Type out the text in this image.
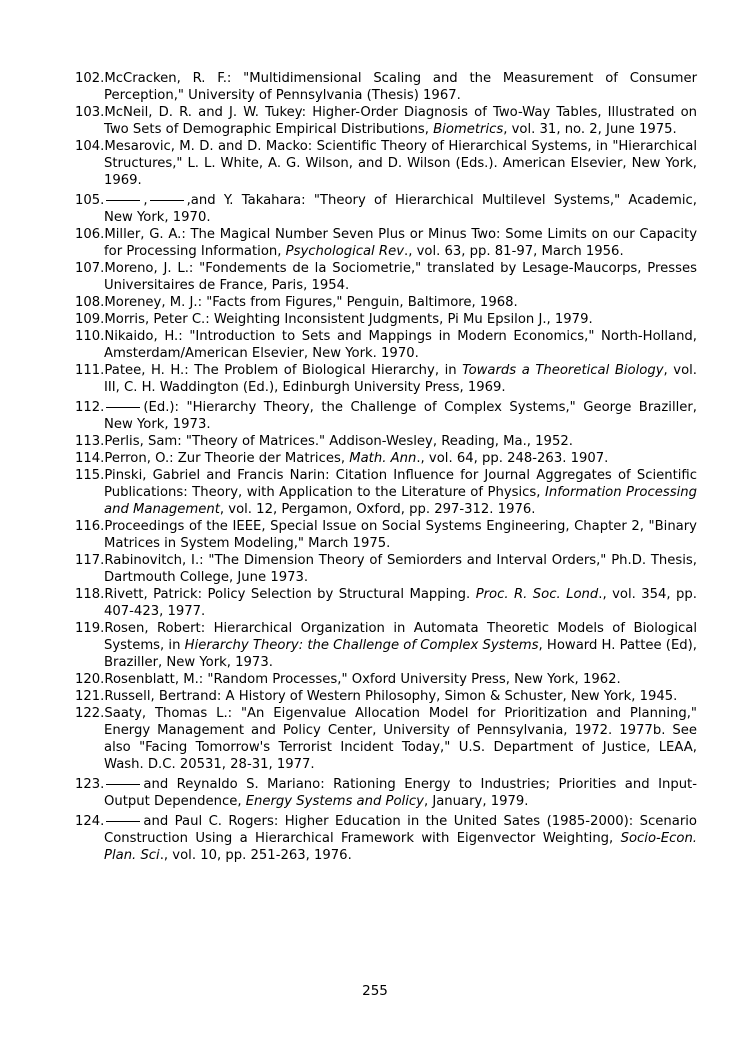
102.McCracken, R. F.: "Multidimensional Scaling and the Measurement of Consumer Perception," University of Pennsylvania (Thesis) 1967.
103.McNeil, D. R. and J. W. Tukey: Higher-Order Diagnosis of Two-Way Tables, Illustrated on Two Sets of Demographic Empirical Distributions, Biometrics, vol. 31, no. 2, June 1975.
104.Mesarovic, M. D. and D. Macko: Scientific Theory of Hierarchical Systems, in "Hierarchical Structures," L. L. White, A. G. Wilson, and D. Wilson (Eds.). American Elsevier, New York, 1969.
105.	,	,and Y. Takahara: "Theory of Hierarchical Multilevel Systems," Academic, New York, 1970.
106.Miller, G. A.: The Magical Number Seven Plus or Minus Two: Some Limits on our Capacity for Processing Information, Psychological Rev., vol. 63, pp. 81-97, March 1956.
107.Moreno, J. L.: "Fondements de la Sociometrie," translated by Lesage-Maucorps, Presses Universitaires de France, Paris, 1954.
108.Moreney, M. J.: "Facts from Figures," Penguin, Baltimore, 1968.
109.Morris, Peter C.: Weighting Inconsistent Judgments, Pi Mu Epsilon J., 1979.
110.Nikaido, H.: "Introduction to Sets and Mappings in Modern Economics," North-Holland, Amsterdam/American Elsevier, New York. 1970.
111.Patee, H. H.: The Problem of Biological Hierarchy, in Towards a Theoretical Biology, vol. III, C. H. Waddington (Ed.), Edinburgh University Press, 1969.
112.	(Ed.): "Hierarchy Theory, the Challenge of Complex Systems," George Braziller, New York, 1973.
113.Perlis, Sam: "Theory of Matrices." Addison-Wesley, Reading, Ma., 1952.
114.Perron, O.: Zur Theorie der Matrices, Math. Ann., vol. 64, pp. 248-263. 1907.
115.Pinski, Gabriel and Francis Narin: Citation Influence for Journal Aggregates of Scientific Publications: Theory, with Application to the Literature of Physics, Information Processing and Management, vol. 12, Pergamon, Oxford, pp. 297-312. 1976.
116.Proceedings of the IEEE, Special Issue on Social Systems Engineering, Chapter 2, "Binary Matrices in System Modeling," March 1975.
117.Rabinovitch, I.: "The Dimension Theory of Semiorders and Interval Orders," Ph.D. Thesis, Dartmouth College, June 1973.
118.Rivett, Patrick: Policy Selection by Structural Mapping. Proc. R. Soc. Lond., vol. 354, pp. 407-423, 1977.
119.Rosen, Robert: Hierarchical Organization in Automata Theoretic Models of Biological Systems, in Hierarchy Theory: the Challenge of Complex Systems, Howard H. Pattee (Ed), Braziller, New York, 1973.
120.Rosenblatt, M.: "Random Processes," Oxford University Press, New York, 1962.
121.Russell, Bertrand: A History of Western Philosophy, Simon & Schuster, New York, 1945.
122.Saaty, Thomas L.: "An Eigenvalue Allocation Model for Prioritization and Planning," Energy Management and Policy Center, University of Pennsylvania, 1972. 1977b. See also "Facing Tomorrow's Terrorist Incident Today," U.S. Department of Justice, LEAA, Wash. D.C. 20531, 28-31, 1977.
123.	and Reynaldo S. Mariano: Rationing Energy to Industries; Priorities and Input-Output Dependence, Energy Systems and Policy, January, 1979.
124.	and Paul C. Rogers: Higher Education in the United Sates (1985-2000): Scenario Construction Using a Hierarchical Framework with Eigenvector Weighting, Socio-Econ. Plan. Sci., vol. 10, pp. 251-263, 1976.
255
